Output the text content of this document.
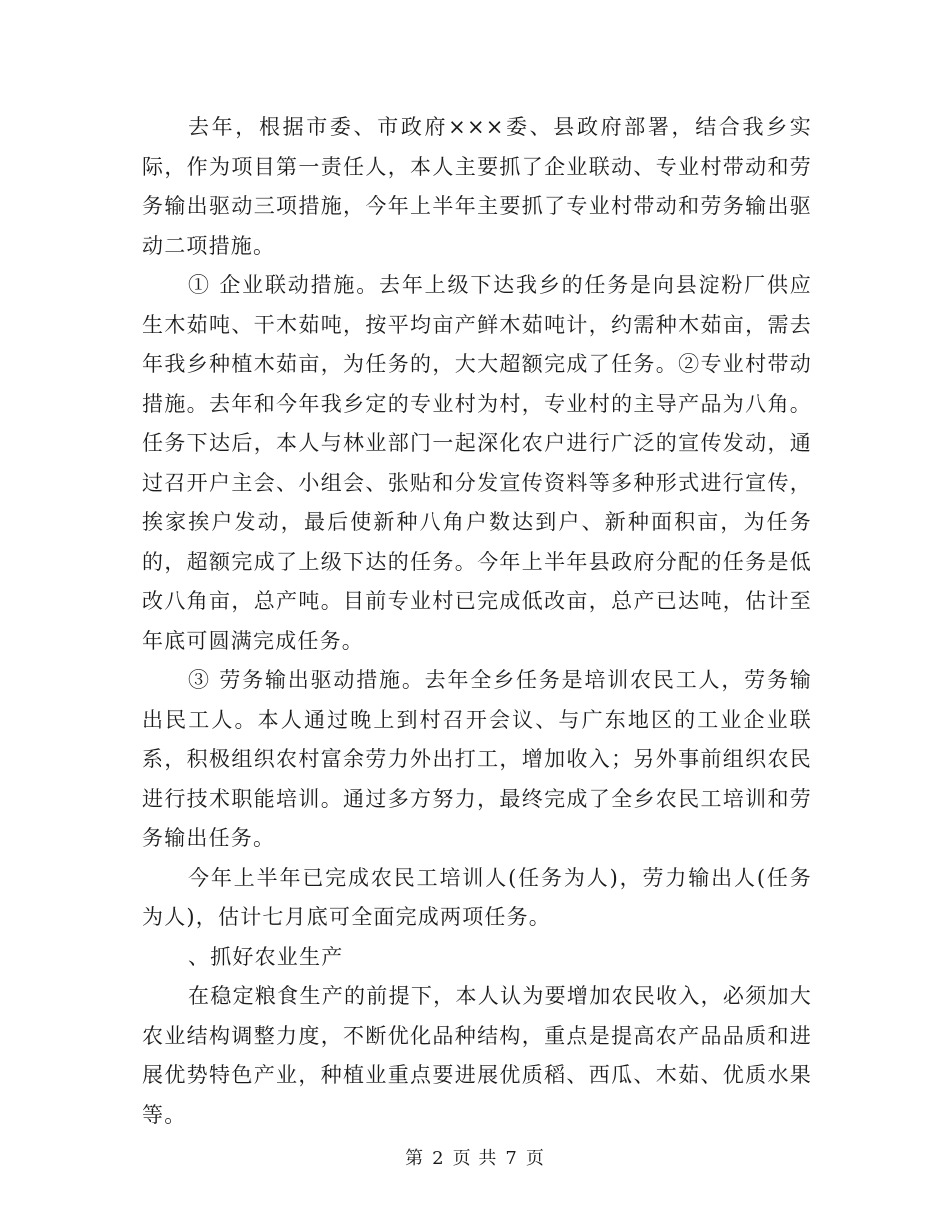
去年，根据市委、市政府×××委、县政府部署，结合我乡实际，作为项目第一责任人，本人主要抓了企业联动、专业村带动和劳务输出驱动三项措施，今年上半年主要抓了专业村带动和劳务输出驱动二项措施。

① 企业联动措施。去年上级下达我乡的任务是向县淀粉厂供应生木茹吨、干木茹吨，按平均亩产鲜木茹吨计，约需种木茹亩，需去年我乡种植木茹亩，为任务的，大大超额完成了任务。②专业村带动措施。去年和今年我乡定的专业村为村，专业村的主导产品为八角。任务下达后，本人与林业部门一起深化农户进行广泛的宣传发动，通过召开户主会、小组会、张贴和分发宣传资料等多种形式进行宣传，挨家挨户发动，最后使新种八角户数达到户、新种面积亩，为任务的，超额完成了上级下达的任务。今年上半年县政府分配的任务是低改八角亩，总产吨。目前专业村已完成低改亩，总产已达吨，估计至年底可圆满完成任务。

③ 劳务输出驱动措施。去年全乡任务是培训农民工人，劳务输出民工人。本人通过晚上到村召开会议、与广东地区的工业企业联系，积极组织农村富余劳力外出打工，增加收入；另外事前组织农民进行技术职能培训。通过多方努力，最终完成了全乡农民工培训和劳务输出任务。

今年上半年已完成农民工培训人(任务为人)，劳力输出人(任务为人)，估计七月底可全面完成两项任务。

、抓好农业生产

在稳定粮食生产的前提下，本人认为要增加农民收入，必须加大农业结构调整力度，不断优化品种结构，重点是提高农产品品质和进展优势特色产业，种植业重点要进展优质稻、西瓜、木茹、优质水果等。

第 2 页 共 7 页
